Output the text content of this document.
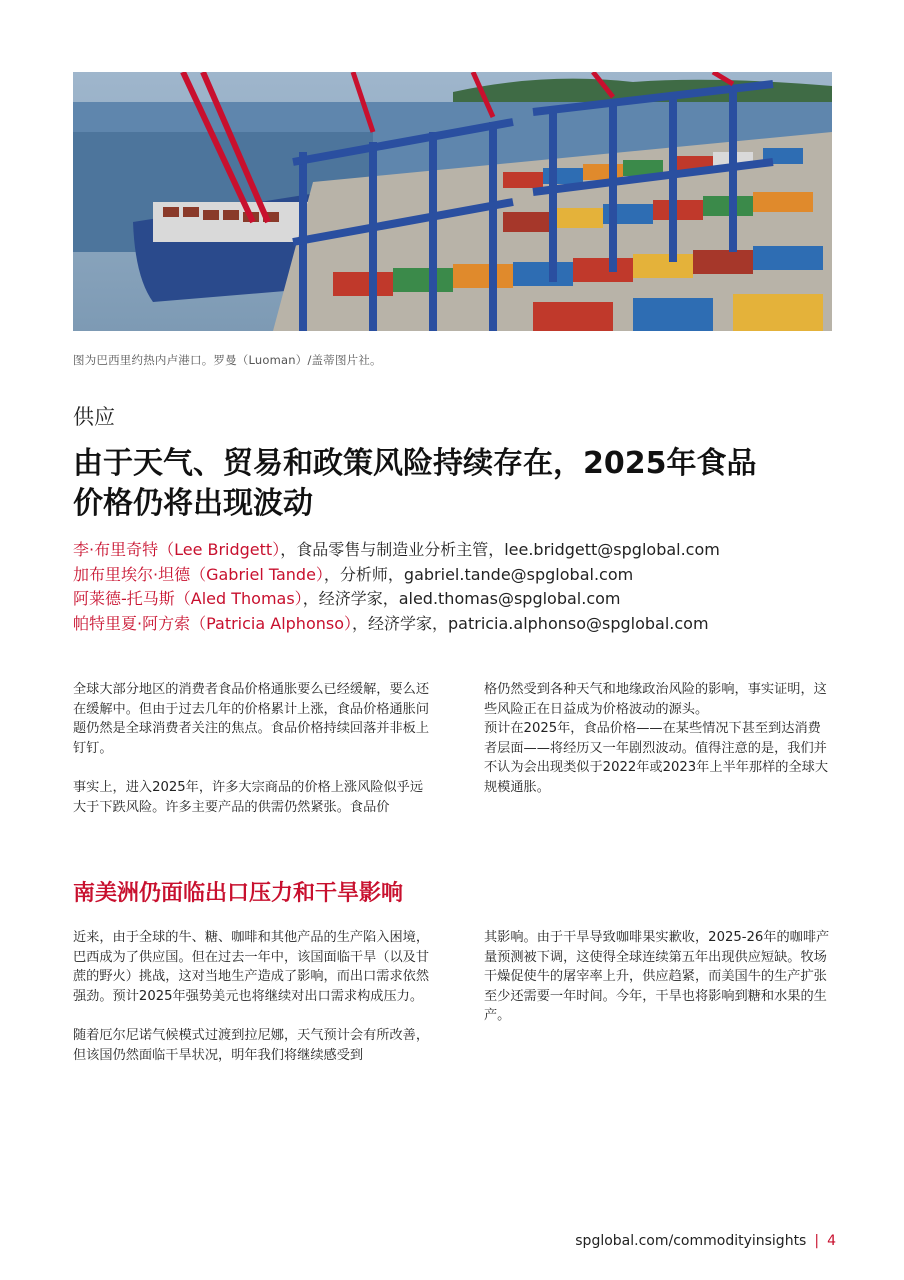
图为巴西里约热内卢港口。罗曼（Luoman）/盖蒂图片社。
供应
由于天气、贸易和政策风险持续存在，2025年食品
价格仍将出现波动
李·布里奇特（Lee Bridgett），食品零售与制造业分析主管，lee.bridgett@spglobal.com
加布里埃尔·坦德（Gabriel Tande），分析师，gabriel.tande@spglobal.com
阿莱德-托马斯（Aled Thomas），经济学家，aled.thomas@spglobal.com
帕特里夏·阿方索（Patricia Alphonso），经济学家，patricia.alphonso@spglobal.com

全球大部分地区的消费者食品价格通胀要么已经缓解，要么还在缓解中。但由于过去几年的价格累计上涨，食品价格通胀问题仍然是全球消费者关注的焦点。食品价格持续回落并非板上钉钉。

事实上，进入2025年，许多大宗商品的价格上涨风险似乎远大于下跌风险。许多主要产品的供需仍然紧张。食品价

格仍然受到各种天气和地缘政治风险的影响，事实证明，这些风险正在日益成为价格波动的源头。

预计在2025年，食品价格——在某些情况下甚至到达消费者层面——将经历又一年剧烈波动。值得注意的是，我们并不认为会出现类似于2022年或2023年上半年那样的全球大规模通胀。

南美洲仍面临出口压力和干旱影响

近来，由于全球的牛、糖、咖啡和其他产品的生产陷入困境，巴西成为了供应国。但在过去一年中，该国面临干旱（以及甘蔗的野火）挑战，这对当地生产造成了影响，而出口需求依然强劲。预计2025年强势美元也将继续对出口需求构成压力。

随着厄尔尼诺气候模式过渡到拉尼娜，天气预计会有所改善，但该国仍然面临干旱状况，明年我们将继续感受到

其影响。由于干旱导致咖啡果实歉收，2025-26年的咖啡产量预测被下调，这使得全球连续第五年出现供应短缺。牧场干燥促使牛的屠宰率上升，供应趋紧，而美国牛的生产扩张至少还需要一年时间。今年，干旱也将影响到糖和水果的生产。

spglobal.com/commodityinsights | 4
